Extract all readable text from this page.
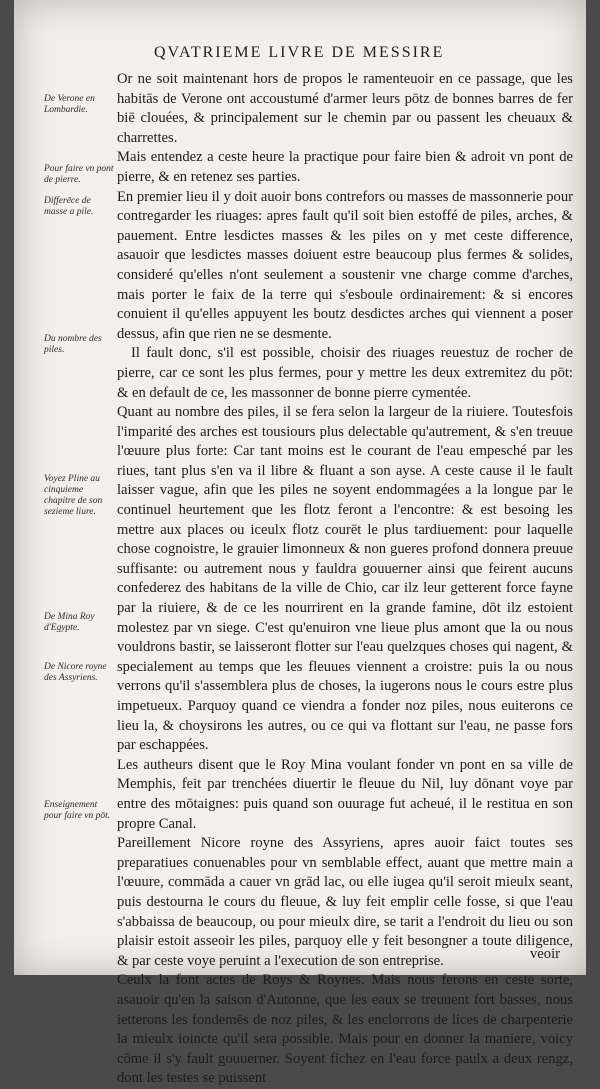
QVATRIEME LIVRE DE MESSIRE
De Verone en Lombardie.
Pour faire vn pont de pierre.
Differēce de masse a pile.
Du nombre des piles.
Voyez Pline au cinquieme chapitre de son sezieme liure.
De Mina Roy d'Egypte.
De Nicore royne des Assyriens.
Enseignement pour faire vn pōt.
Or ne soit maintenant hors de propos le ramenteuoir en ce passage, que les habitās de Verone ont accoustumé d'armer leurs pōtz de bonnes barres de fer biē clouées, & principalement sur le chemin par ou passent les cheuaux & charrettes.
Mais entendez a ceste heure la practique pour faire bien & adroit vn pont de pierre, & en retenez ses parties.
En premier lieu il y doit auoir bons contrefors ou masses de massonnerie pour contregarder les riuages: apres fault qu'il soit bien estoffé de piles, arches, & pauement. Entre lesdictes masses & les piles on y met ceste difference, asauoir que lesdictes masses doiuent estre beaucoup plus fermes & solides, consideré qu'elles n'ont seulement a soustenir vne charge comme d'arches, mais porter le faix de la terre qui s'esboule ordinairement: & si encores conuient il qu'elles appuyent les boutz desdictes arches qui viennent a poser dessus, afin que rien ne se desmente.
Il fault donc, s'il est possible, choisir des riuages reuestuz de rocher de pierre, car ce sont les plus fermes, pour y mettre les deux extremitez du pōt: & en default de ce, les massonner de bonne pierre cymentée.
Quant au nombre des piles, il se fera selon la largeur de la riuiere. Toutesfois l'imparité des arches est tousiours plus delectable qu'autrement, & s'en treuue l'œuure plus forte: Car tant moins est le courant de l'eau empesché par les riues, tant plus s'en va il libre & fluant a son ayse. A ceste cause il le fault laisser vague, afin que les piles ne soyent endommagées a la longue par le continuel heurtement que les flotz feront a l'encontre: & est besoing les mettre aux places ou iceulx flotz courēt le plus tardiuement: pour laquelle chose cognoistre, le grauier limonneux & non gueres profond donnera preuue suffisante: ou autrement nous y fauldra gouuerner ainsi que feirent aucuns confederez des habitans de la ville de Chio, car ilz leur getterent force fayne par la riuiere, & de ce les nourrirent en la grande famine, dōt ilz estoient molestez par vn siege. C'est qu'enuiron vne lieue plus amont que la ou nous vouldrons bastir, se laisseront flotter sur l'eau quelzques choses qui nagent, & specialement au temps que les fleuues viennent a croistre: puis la ou nous verrons qu'il s'assemblera plus de choses, la iugerons nous le cours estre plus impetueux. Parquoy quand ce viendra a fonder noz piles, nous euiterons ce lieu la, & choysirons les autres, ou ce qui va flottant sur l'eau, ne passe fors par eschappées.
Les autheurs disent que le Roy Mina voulant fonder vn pont en sa ville de Memphis, feit par trenchées diuertir le fleuue du Nil, luy dōnant voye par entre des mōtaignes: puis quand son ouurage fut acheué, il le restitua en son propre Canal.
Pareillement Nicore royne des Assyriens, apres auoir faict toutes ses preparatiues conuenables pour vn semblable effect, auant que mettre main a l'œuure, commāda a cauer vn grād lac, ou elle iugea qu'il seroit mieulx seant, puis destourna le cours du fleuue, & luy feit emplir celle fosse, si que l'eau s'abbaissa de beaucoup, ou pour mieulx dire, se tarit a l'endroit du lieu ou son plaisir estoit asseoir les piles, parquoy elle y feit besongner a toute diligence, & par ceste voye peruint a l'execution de son entreprise.
Ceulx la font actes de Roys & Roynes. Mais nous ferons en ceste sorte, asauoir qu'en la saison d'Autonne, que les eaux se treuuent fort basses, nous ietterons les fondemēs de noz piles, & les enclorrons de lices de charpenterie la mieulx ioincte qu'il sera possible. Mais pour en donner la maniere, voicy cōme il s'y fault gouuerner. Soyent fichez en l'eau force paulx a deux rengz, dont les testes se puissent
veoir
